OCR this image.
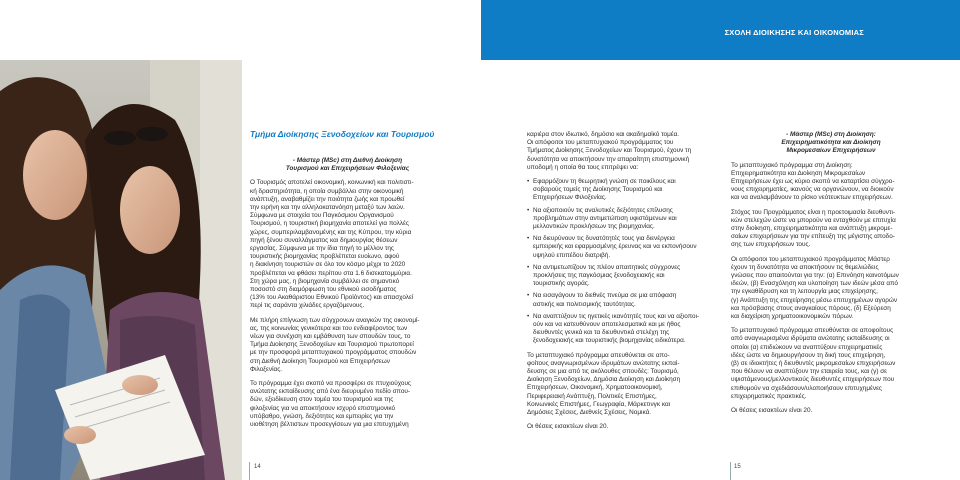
ΣΧΟΛΗ ΔΙΟΙΚΗΣΗΣ ΚΑΙ ΟΙΚΟΝΟΜΙΑΣ
Τμήμα Διοίκησης Ξενοδοχείων και Τουρισμού

- Μάστερ (MSc) στη Διεθνή Διοίκηση
Τουρισμού και Επιχειρήσεων Φιλοξενίας

Ο Τουρισμός αποτελεί οικονομική, κοινωνική και πολιτιστι-
κή δραστηριότητα, η οποία συμβάλλει στην οικονομική
ανάπτυξη, αναβαθμίζει την ποιότητα ζωής και προωθεί
την ειρήνη και την αλληλοκατανόηση μεταξύ των λαών.
Σύμφωνα με στοιχεία του Παγκόσμιου Οργανισμού
Τουρισμού, η τουριστική βιομηχανία αποτελεί για πολλές
χώρες, συμπεριλαμβανομένης και της Κύπρου, την κύρια
πηγή ξένου συναλλάγματος και δημιουργίας θέσεων
εργασίας. Σύμφωνα με την ίδια πηγή το μέλλον της
τουριστικής βιομηχανίας προβλέπεται ευοίωνο, αφού
η διακίνηση τουριστών σε όλο τον κόσμο μέχρι το 2020
προβλέπεται να φθάσει περίπου στα 1.6 δισεκατομμύρια.
Στη χώρα μας, η βιομηχανία συμβάλλει σε σημαντικό
ποσοστό στη διαμόρφωση του εθνικού εισοδήματος
(13% του Ακαθάριστου Εθνικού Προϊόντος) και απασχολεί
περί τις σαράντα χιλιάδες εργαζόμενους.

Με πλήρη επίγνωση των σύγχρονων αναγκών της οικονομί-
ας, της κοινωνίας γενικότερα και του ενδιαφέροντος των
νέων για συνέχιση και εμβάθυνση των σπουδών τους, το
Τμήμα Διοίκησης Ξενοδοχείων και Τουρισμού πρωτοπορεί
με την προσφορά μεταπτυχιακού προγράμματος σπουδών
στη Διεθνή Διοίκηση Τουρισμού και Επιχειρήσεων
Φιλοξενίας.

Το πρόγραμμα έχει σκοπό να προσφέρει σε πτυχιούχους
ανώτατης εκπαίδευσης από ένα διευρυμένο πεδίο σπου-
δών, εξειδίκευση στον τομέα του τουρισμού και της
φιλοξενίας για να αποκτήσουν ισχυρό επιστημονικό
υπόβαθρο, γνώση, δεξιότητες και εμπειρίες για την
υιοθέτηση βέλτιστων προσεγγίσεων για μια επιτυχημένη

καριέρα στον ιδιωτικό, δημόσιο και ακαδημαϊκό τομέα.
Οι απόφοιτοι του μεταπτυχιακού προγράμματος του
Τμήματος Διοίκησης Ξενοδοχείων και Τουρισμού, έχουν τη
δυνατότητα να αποκτήσουν την απαραίτητη επιστημονική
υποδομή η οποία θα τους επιτρέψει να:

• Εφαρμόζουν τη θεωρητική γνώση σε ποικίλους και
σοβαρούς τομείς της Διοίκησης Τουρισμού και
Επιχειρήσεων Φιλοξενίας.
• Να αξιοποιούν τις αναλυτικές δεξιότητες επίλυσης
προβλημάτων στην αντιμετώπιση υφιστάμενων και
μελλοντικών προκλήσεων της βιομηχανίας.
• Να διευρύνουν τις δυνατότητές τους για διενέργεια
εμπειρικής και εφαρμοσμένης έρευνας και να εκπονήσουν
υψηλού επιπέδου διατριβή.
• Να αντιμετωπίζουν τις πλέον απαιτητικές σύγχρονες
προκλήσεις της παγκόσμιας ξενοδοχειακής και
τουριστικής αγοράς.
• Να εισαγάγουν το διεθνές πνεύμα σε μια απόφαση
αστικής και πολιτισμικής ταυτότητας.
• Να αναπτύξουν τις ηγετικές ικανότητές τους και να αξιοποι-
ούν και να κατευθύνουν αποτελεσματικά και με ήθος
διευθυντές γενικά και τα διευθυντικά στελέχη της
ξενοδοχειακής και τουριστικής βιομηχανίας ειδικότερα.

Το μεταπτυχιακό πρόγραμμα απευθύνεται σε απο-
φοίτους αναγνωρισμένων ιδρυμάτων ανώτατης εκπαί-
δευσης σε μια από τις ακόλουθες σπουδές: Τουρισμό,
Διοίκηση Ξενοδοχείων, Δημόσια Διοίκηση και Διοίκηση
Επιχειρήσεων, Οικονομική, Χρηματοοικονομική,
Περιφερειακή Ανάπτυξη, Πολιτικές Επιστήμες,
Κοινωνικές Επιστήμες, Γεωγραφία, Μάρκετινγκ και
Δημόσιες Σχέσεις, Διεθνείς Σχέσεις, Νομικά.

Οι θέσεις εισακτέων είναι 20.

- Μάστερ (MSc) στη Διοίκηση:
Επιχειρηματικότητα και Διοίκηση
Μικρομεσαίων Επιχειρήσεων

Το μεταπτυχιακό πρόγραμμα στη Διοίκηση:
Επιχειρηματικότητα και Διοίκηση Μικρομεσαίων
Επιχειρήσεων έχει ως κύριο σκοπό να καταρτίσει σύγχρο-
νους επιχειρηματίες, ικανούς να οργανώνουν, να διοικούν
και να αναλαμβάνουν το ρίσκο νεότευκτων επιχειρήσεων.

Στόχος του Προγράμματος είναι η προετοιμασία διευθυντι-
κών στελεχών ώστε να μπορούν να ενταχθούν με επιτυχία
στην διοίκηση, επιχειρηματικότητα και ανάπτυξη μικρομε-
σαίων επιχειρήσεων για την επίτευξη της μέγιστης αποδο-
σης των επιχειρήσεων τους.

Οι απόφοιτοι του μεταπτυχιακού προγράμματος Μάστερ
έχουν τη δυνατότητα να αποκτήσουν τις θεμελιώδεις
γνώσεις που απαιτούνται για την: (α) Επινόηση καινοτόμων
ιδεών, (β) Ενασχόληση και υλοποίηση των ιδεών μέσα από
την εγκαθίδρυση και τη λειτουργία μιας επιχείρησης,
(γ) Ανάπτυξη της επιχείρησης μέσω επιτυχημένων αγορών
και πρόσβασης στους αναγκαίους πόρους, (δ) Εξεύρεση
και διαχείριση χρηματοοικονομικών πόρων.

Το μεταπτυχιακό πρόγραμμα απευθύνεται σε αποφοίτους
από αναγνωρισμένα ιδρύματα ανώτατης εκπαίδευσης οι
οποίοι (α) επιδιώκουν να αναπτύξουν επιχειρηματικές
ιδέες ώστε να δημιουργήσουν τη δική τους επιχείρηση,
(β) σε ιδιοκτήτες ή διευθυντές μικρομεσαίων επιχειρήσεων
που θέλουν να αναπτύξουν την εταιρεία τους, και (γ) σε
υψιστάμενους/μελλοντικούς διευθυντές επιχειρήσεων που
επιθυμούν να σχεδιάσουν/υλοποιήσουν επιτυχημένες
επιχειρηματικές πρακτικές.

Οι θέσεις εισακτέων είναι 20.

14	15
